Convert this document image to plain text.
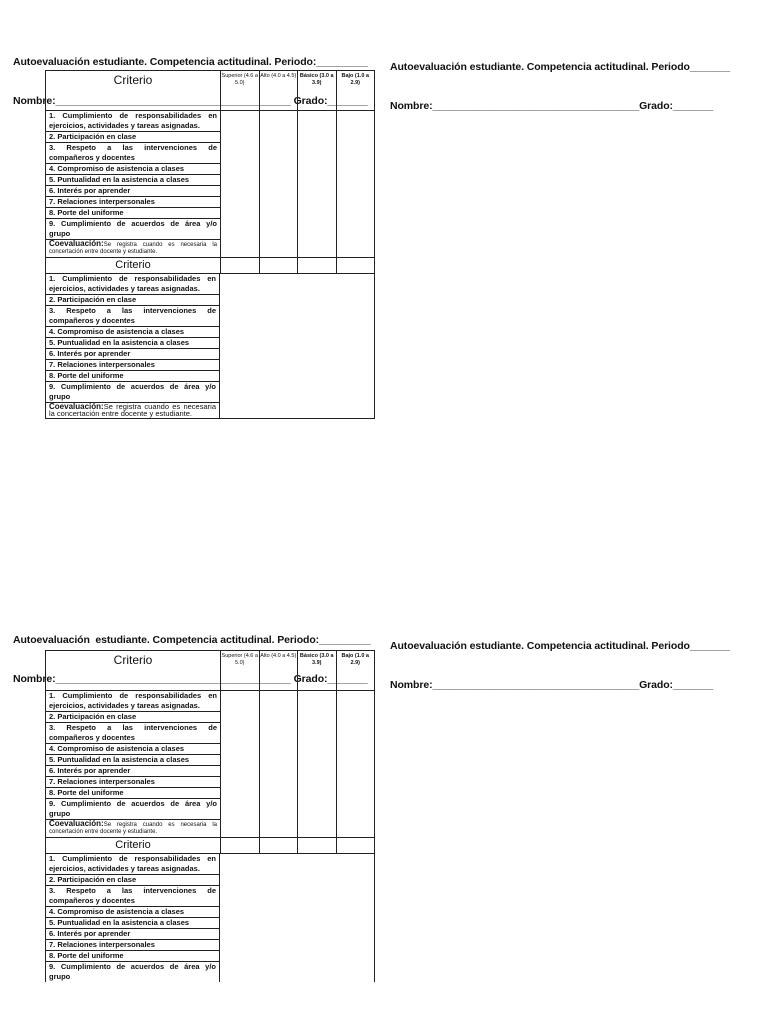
Autoevaluación estudiante. Competencia actitudinal. Periodo:_________

Nombre:_________________________________________ Grado:_______

Autoevaluación estudiante. Competencia actitudinal. Periodo_______

Nombre:____________________________________Grado:_______

Autoevaluación  estudiante. Competencia actitudinal. Periodo:_________

Nombre:_________________________________________ Grado:_______

Autoevaluación estudiante. Competencia actitudinal. Periodo_______

Nombre:____________________________________Grado:_______

Criterio
1. Cumplimiento de responsabilidades en ejercicios, actividades y tareas asignadas.
2. Participación en clase
3. Respeto a las intervenciones de compañeros y docentes
4. Compromiso de asistencia a clases
5. Puntualidad en la asistencia a clases
6. Interés por aprender
7. Relaciones interpersonales
8. Porte del uniforme
9. Cumplimiento de acuerdos de área y/o grupo
Coevaluación:Se registra cuando es necesaria la concertación entre docente y estudiante.
Superior (4.6 a 5.0)
Alto (4.0 a 4.5) Básico (3.0 a 3.9)
Bajo (1.0 a 2.9)
Criterio
1. Cumplimiento de responsabilidades en ejercicios, actividades y tareas asignadas.
2. Participación en clase
3. Respeto a las intervenciones de compañeros y docentes
4. Compromiso de asistencia a clases
5. Puntualidad en la asistencia a clases
6. Interés por aprender
7. Relaciones interpersonales
8. Porte del uniforme
9. Cumplimiento de acuerdos de área y/o grupo
Coevaluación:Se registra cuando es necesaria la concertación entre docente y estudiante.
Criterio
1. Cumplimiento de responsabilidades en ejercicios, actividades y tareas asignadas.
2. Participación en clase
3. Respeto a las intervenciones de compañeros y docentes
4. Compromiso de asistencia a clases
5. Puntualidad en la asistencia a clases
6. Interés por aprender
7. Relaciones interpersonales
8. Porte del uniforme
9. Cumplimiento de acuerdos de área y/o grupo
Coevaluación:Se registra cuando es necesaria la concertación entre docente y estudiante.
Superior (4.6 a 5.0)
Alto (4.0 a 4.5) Básico (3.0 a 3.9)
Bajo (1.0 a 2.9)
Criterio
1. Cumplimiento de responsabilidades en ejercicios, actividades y tareas asignadas.
2. Participación en clase
3. Respeto a las intervenciones de compañeros y docentes
4. Compromiso de asistencia a clases
5. Puntualidad en la asistencia a clases
6. Interés por aprender
7. Relaciones interpersonales
8. Porte del uniforme
9. Cumplimiento de acuerdos de área y/o grupo
